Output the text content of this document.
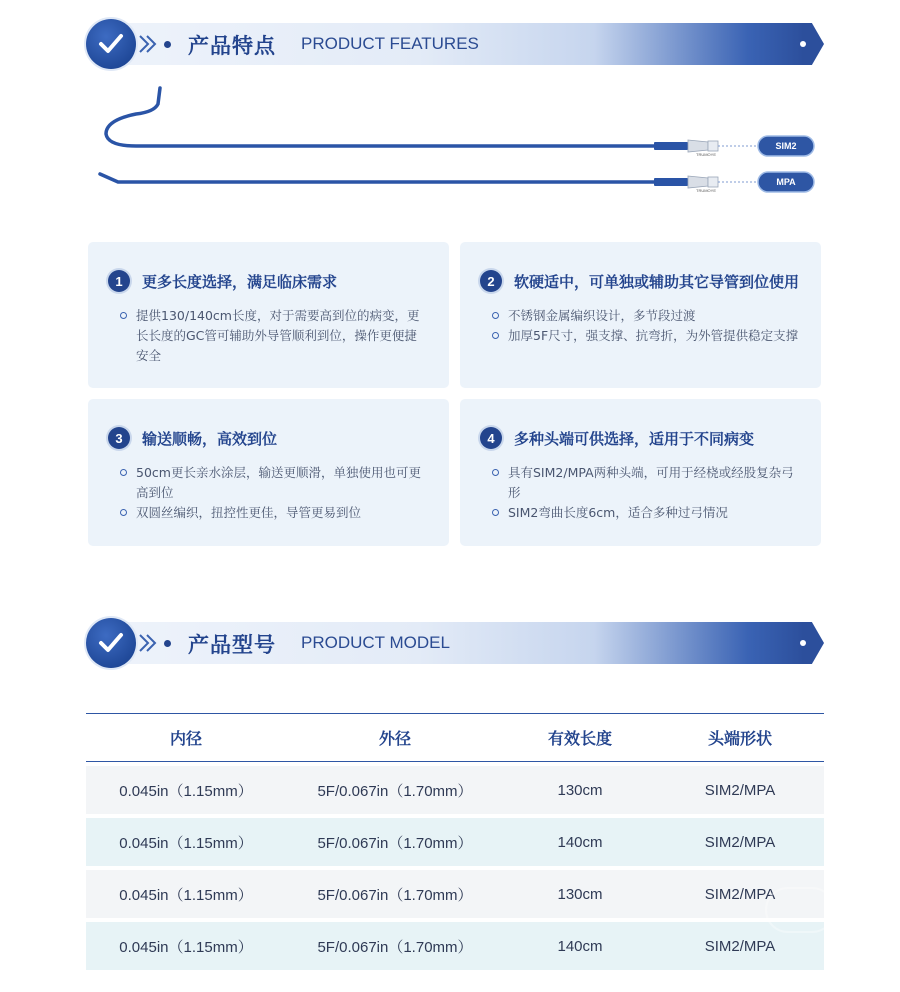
产品特点 PRODUCT FEATURES
TRUMOYE
SIM2
TRUMOYE
MPA
1	更多长度选择，满足临床需求
提供130/140cm长度，对于需要高到位的病变，更长长度的GC管可辅助外导管顺利到位，操作更便捷安全
2	软硬适中，可单独或辅助其它导管到位使用
不锈钢金属编织设计，多节段过渡
加厚5F尺寸，强支撑、抗弯折，为外管提供稳定支撑
3	输送顺畅，高效到位
50cm更长亲水涂层，输送更顺滑，单独使用也可更高到位
双圆丝编织，扭控性更佳，导管更易到位
4	多种头端可供选择，适用于不同病变
具有SIM2/MPA两种头端，可用于经桡或经股复杂弓形
SIM2弯曲长度6cm，适合多种过弓情况
产品型号 PRODUCT MODEL
内径	外径	有效长度	头端形状
0.045in（1.15mm）	5F/0.067in（1.70mm）	130cm	SIM2/MPA
0.045in（1.15mm）	5F/0.067in（1.70mm）	140cm	SIM2/MPA
0.045in（1.15mm）	5F/0.067in（1.70mm）	130cm	SIM2/MPA
0.045in（1.15mm）	5F/0.067in（1.70mm）	140cm	SIM2/MPA
